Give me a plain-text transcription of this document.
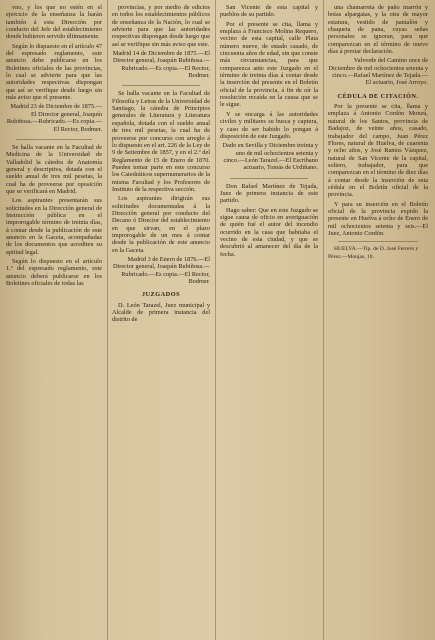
vno, y los que no estén en el ejercicio de la enseñanza la harán también á esta Dirección por conducto del Jefe del establecimiento donde hubieren servido últimamente.

Según lo dispuesto en el artículo 47 del espresado reglamento, este anuncio debe publicarse en los Boletines oficiales de las provincias, lo cual se advierte para que las autoridades respectivas dispongan que así se verifique desde luego sin más aviso que el presente.

Madrid 23 de Diciembre de 1875.—El Director general, Joaquín Rubiñosa.—Rubricado.—Es copia.—El Rector, Bodmer.

Se halla vacante en la Facultad de Medicina de la Universidad de Valladolid la cátedra de Anatomía general y descriptiva, dotada con el sueldo anual de tres mil pesetas, la cual ha de proveerse por oposición que se verificará en Madrid.

Los aspirantes presentarán sus solicitudes en la Dirección general de Instrucción pública en el improrogable término de treinta días, á contar desde la publicación de este anuncio en la Gaceta, acompañadas de los documentos que acrediten su aptitud legal.

Según lo dispuesto en el artículo 1.º del espresado reglamento, este anuncio deberá publicarse en los Boletines oficiales de todas las

provincias, y por medio de edictos en todos los establecimientos públicos de enseñanza de la Nación, lo cual se advierte para que las autoridades respectivas dispongan desde luego que así se verifique sin más aviso que este.

Madrid 14 de Diciembre de 1875.—El Director general, Joaquín Rubiñosa.—Rubricado.—Es copia.—El Rector, Bodmer.

Se halla vacante en la Facultad de Filosofía y Letras de la Universidad de Santiago, la cátedra de Principios generales de Literatura y Literatura española, dotada con el sueldo anual de tres mil pesetas, la cual ha de proveerse por concurso con arreglo á lo dispuesto en el art. 226 de la Ley de 9 de Setiembre de 1857, y en el 2.º del Reglamento de 15 de Enero de 1870. Pueden tomar parte en este concurso los Catedráticos supernumerarios de la misma Facultad y los Profesores de Instituto de la respectiva sección.

Los aspirantes dirigirán sus solicitudes documentadas á la Dirección general por conducto del Decano ó Director del establecimiento en que sirvan, en el plazo improrogable de un mes á contar desde la publicación de este anuncio en la Gaceta.

Madrid 3 de Enero de 1876.—El Director general, Joaquín Rubiñosa.—Rubricado.—Es copia.—El Rector, Bodmer.

JUZGADOS

D. León Tarazel, Juez municipal y Alcalde de primera instancia del distrito de

San Vicente de esta capital y pueblos de su partido.

Por el presente se cita, llama y emplaza á Francisco Molina Requero, vecino de esta capital, calle Plata número nueve, de estado casado, de cincuenta años de edad, sin que conste más circunstancias, para que comparezca ante este Juzgado en el término de treinta días á contar desde la inserción del presente en el Boletín oficial de la provincia, á fin de oír la resolución recaída en la causa que se le sigue.

Y se encarga á las autoridades civiles y militares su busca y captura, y caso de ser habido lo pongan á disposición de este Juzgado.

Dado en Sevilla y Diciembre treinta y uno de mil ochocientos setenta y cinco.—León Tarazel.—El Escribano actuario, Tomás de Urdiñano.

Don Rafael Martínez de Tejada, Juez de primera instancia de este partido.

Hago saber: Que en este Juzgado se sigue causa de oficio en averiguación de quién fué el autor del incendio ocurrido en la casa que habitaba el vecino de esta ciudad, y que se descubrió al amanecer del día de la fecha.

una chamarreta de paño marrón y botas alpargatas, y la otra de mayor estatura, vestido de pantalón y chaqueta de pana, cuyas señas personales se ignoran, para que comparezcan en el término de nueve días á prestar declaración.

Valverde del Camino once de Diciembre de mil ochocientos setenta y cinco.—Rafael Martínez de Tejada.—El actuario, José Arroyo.

CÉDULA DE CITACIÓN.

Por la presente se cita, llama y emplaza á Antonio Cordón Monzú, natural de los Santos, provincia de Badajoz, de veinte años, casado, trabajador del campo, Juan Pérez Flores, natural de Huelva, de cuarenta y ocho años, y José Ramos Vázquez, natural de San Vicente de la capital, soltero, trabajador, para que comparezcan en el término de diez días á contar desde la inserción de esta cédula en el Boletín oficial de la provincia.

Y para su inserción en el Boletín oficial de la provincia expido la presente en Huelva á ocho de Enero de mil ochocientos setenta y seis.—El Juez, Antonio Cordón.

HUELVA.—Tip. de D. José Ferrero y Pérez.—Monjas, 10.
